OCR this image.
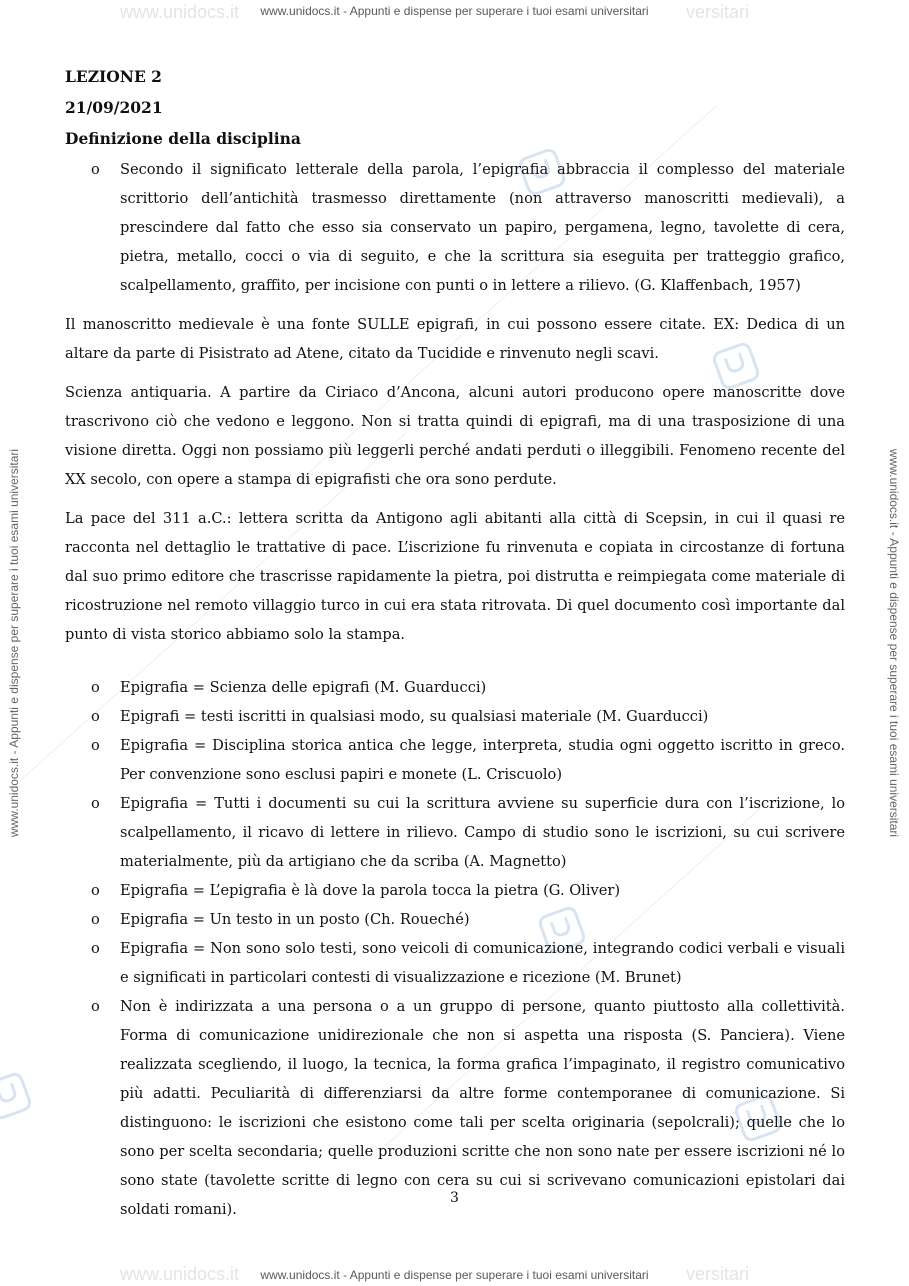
www.unidocs.it	versitari
www.unidocs.it	versitari
www.unidocs.it - Appunti e dispense per superare i tuoi esami universitari
www.unidocs.it - Appunti e dispense per superare i tuoi esami universitari	www.unidocs.it - Appunti e dispense per superare i tuoi esami universitari
LEZIONE 2
21/09/2021
Definizione della disciplina
o Secondo il significato letterale della parola, l’epigrafia abbraccia il complesso del materiale scrittorio dell’antichità trasmesso direttamente (non attraverso manoscritti medievali), a prescindere dal fatto che esso sia conservato un papiro, pergamena, legno, tavolette di cera, pietra, metallo, cocci o via di seguito, e che la scrittura sia eseguita per tratteggio grafico, scalpellamento, graffito, per incisione con punti o in lettere a rilievo. (G. Klaffenbach, 1957)

Il manoscritto medievale è una fonte SULLE epigrafi, in cui possono essere citate. EX: Dedica di un altare da parte di Pisistrato ad Atene, citato da Tucidide e rinvenuto negli scavi.

Scienza antiquaria. A partire da Ciriaco d’Ancona, alcuni autori producono opere manoscritte dove trascrivono ciò che vedono e leggono. Non si tratta quindi di epigrafi, ma di una trasposizione di una visione diretta. Oggi non possiamo più leggerli perché andati perduti o illeggibili. Fenomeno recente del XX secolo, con opere a stampa di epigrafisti che ora sono perdute.

La pace del 311 a.C.: lettera scritta da Antigono agli abitanti alla città di Scepsin, in cui il quasi re racconta nel dettaglio le trattative di pace. L’iscrizione fu rinvenuta e copiata in circostanze di fortuna dal suo primo editore che trascrisse rapidamente la pietra, poi distrutta e reimpiegata come materiale di ricostruzione nel remoto villaggio turco in cui era stata ritrovata. Di quel documento così importante dal punto di vista storico abbiamo solo la stampa.

o Epigrafia = Scienza delle epigrafi (M. Guarducci)
o Epigrafi = testi iscritti in qualsiasi modo, su qualsiasi materiale (M. Guarducci)
o Epigrafia = Disciplina storica antica che legge, interpreta, studia ogni oggetto iscritto in greco. Per convenzione sono esclusi papiri e monete (L. Criscuolo)
o Epigrafia = Tutti i documenti su cui la scrittura avviene su superficie dura con l’iscrizione, lo scalpellamento, il ricavo di lettere in rilievo. Campo di studio sono le iscrizioni, su cui scrivere materialmente, più da artigiano che da scriba (A. Magnetto)
o Epigrafia = L’epigrafia è là dove la parola tocca la pietra (G. Oliver)
o Epigrafia = Un testo in un posto (Ch. Roueché)
o Epigrafia = Non sono solo testi, sono veicoli di comunicazione, integrando codici verbali e visuali e significati in particolari contesti di visualizzazione e ricezione (M. Brunet)
o Non è indirizzata a una persona o a un gruppo di persone, quanto piuttosto alla collettività. Forma di comunicazione unidirezionale che non si aspetta una risposta (S. Panciera). Viene realizzata scegliendo, il luogo, la tecnica, la forma grafica l’impaginato, il registro comunicativo più adatti. Peculiarità di differenziarsi da altre forme contemporanee di comunicazione. Si distinguono: le iscrizioni che esistono come tali per scelta originaria (sepolcrali); quelle che lo sono per scelta secondaria; quelle produzioni scritte che non sono nate per essere iscrizioni né lo sono state (tavolette scritte di legno con cera su cui si scrivevano comunicazioni epistolari dai soldati romani).
3
www.unidocs.it - Appunti e dispense per superare i tuoi esami universitari
